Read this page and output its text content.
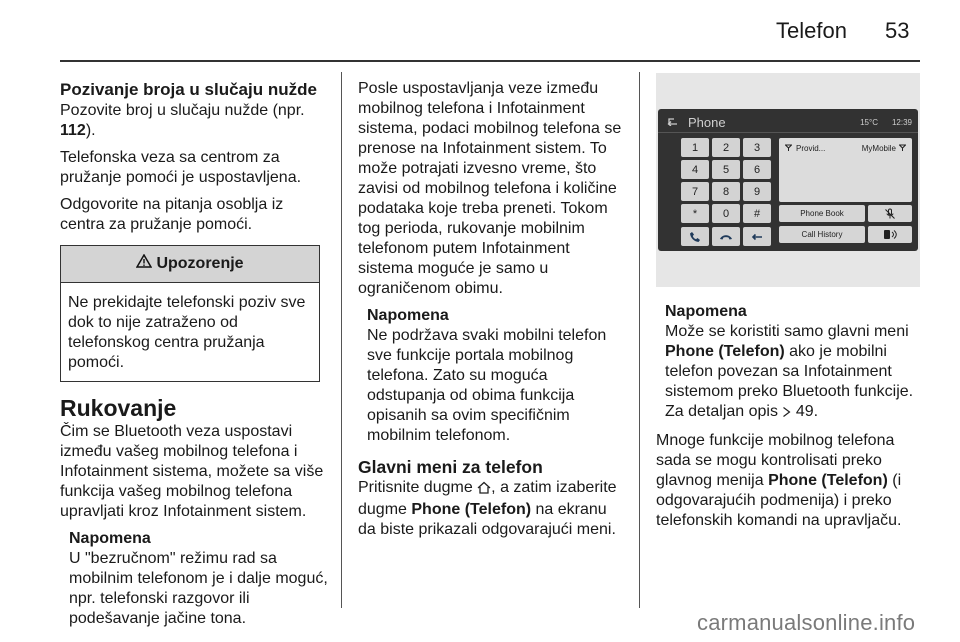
Telefon 53
Pozivanje broja u slučaju nužde

Pozovite broj u slučaju nužde (npr. 112).

Telefonska veza sa centrom za pružanje pomoći je uspostavljena.

Odgovorite na pitanja osoblja iz centra za pružanje pomoći.

Upozorenje
Ne prekidajte telefonski poziv sve dok to nije zatraženo od telefonskog centra pružanja pomoći.
Rukovanje

Čim se Bluetooth veza uspostavi između vašeg mobilnog telefona i Infotainment sistema, možete sa više funkcija vašeg mobilnog telefona upravljati kroz Infotainment sistem.

Napomena
U "bezručnom" režimu rad sa mobilnim telefonom je i dalje moguć, npr. telefonski razgovor ili podešavanje jačine tona.

Posle uspostavljanja veze između mobilnog telefona i Infotainment sistema, podaci mobilnog telefona se prenose na Infotainment sistem. To može potrajati izvesno vreme, što zavisi od mobilnog telefona i količine podataka koje treba preneti. Tokom tog perioda, rukovanje mobilnim telefonom putem Infotainment sistema moguće je samo u ograničenom obimu.

Napomena
Ne podržava svaki mobilni telefon sve funkcije portala mobilnog telefona. Zato su moguća odstupanja od obima funkcija opisanih sa ovim specifičnim mobilnim telefonom.
Glavni meni za telefon

Pritisnite dugme , a zatim izaberite dugme Phone (Telefon) na ekranu da biste prikazali odgovarajući meni.

Phone	15°C 12:39
1	2	3
4	5	6
7	8	9
*	0	#
Provid...	MyMobile
Phone Book
Call History
Napomena
Može se koristiti samo glavni meni Phone (Telefon) ako je mobilni telefon povezan sa Infotainment sistemom preko Bluetooth funkcije. Za detaljan opis 49.

Mnoge funkcije mobilnog telefona sada se mogu kontrolisati preko glavnog menija Phone (Telefon) (i odgovarajućih podmenija) i preko telefonskih komandi na upravljaču.

carmanualsonline.info
